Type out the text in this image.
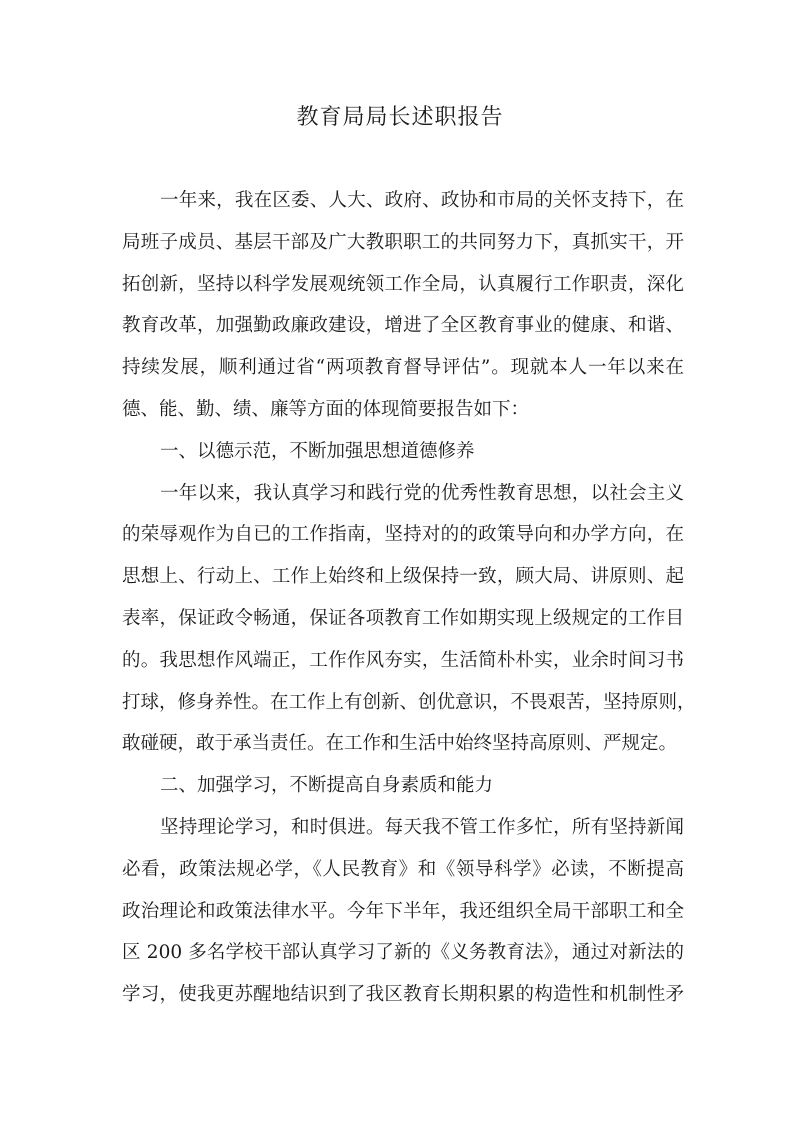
教育局局长述职报告
一年来，我在区委、人大、政府、政协和市局的关怀支持下，在
局班子成员、基层干部及广大教职职工的共同努力下，真抓实干，开
拓创新，坚持以科学发展观统领工作全局，认真履行工作职责，深化
教育改革，加强勤政廉政建设，增进了全区教育事业的健康、和谐、
持续发展，顺利通过省“两项教育督导评估”。现就本人一年以来在
德、能、勤、绩、廉等方面的体现简要报告如下：
一、以德示范，不断加强思想道德修养
一年以来，我认真学习和践行党的优秀性教育思想，以社会主义
的荣辱观作为自已的工作指南，坚持对的的政策导向和办学方向，在
思想上、行动上、工作上始终和上级保持一致，顾大局、讲原则、起
表率，保证政令畅通，保证各项教育工作如期实现上级规定的工作目
的。我思想作风端正，工作作风夯实，生活简朴朴实，业余时间习书
打球，修身养性。在工作上有创新、创优意识，不畏艰苦，坚持原则，
敢碰硬，敢于承当责任。在工作和生活中始终坚持高原则、严规定。
二、加强学习，不断提高自身素质和能力
坚持理论学习，和时俱进。每天我不管工作多忙，所有坚持新闻
必看，政策法规必学，《人民教育》和《领导科学》必读，不断提高
政治理论和政策法律水平。今年下半年，我还组织全局干部职工和全
区 200 多名学校干部认真学习了新的《义务教育法》，通过对新法的
学习，使我更苏醒地结识到了我区教育长期积累的构造性和机制性矛
